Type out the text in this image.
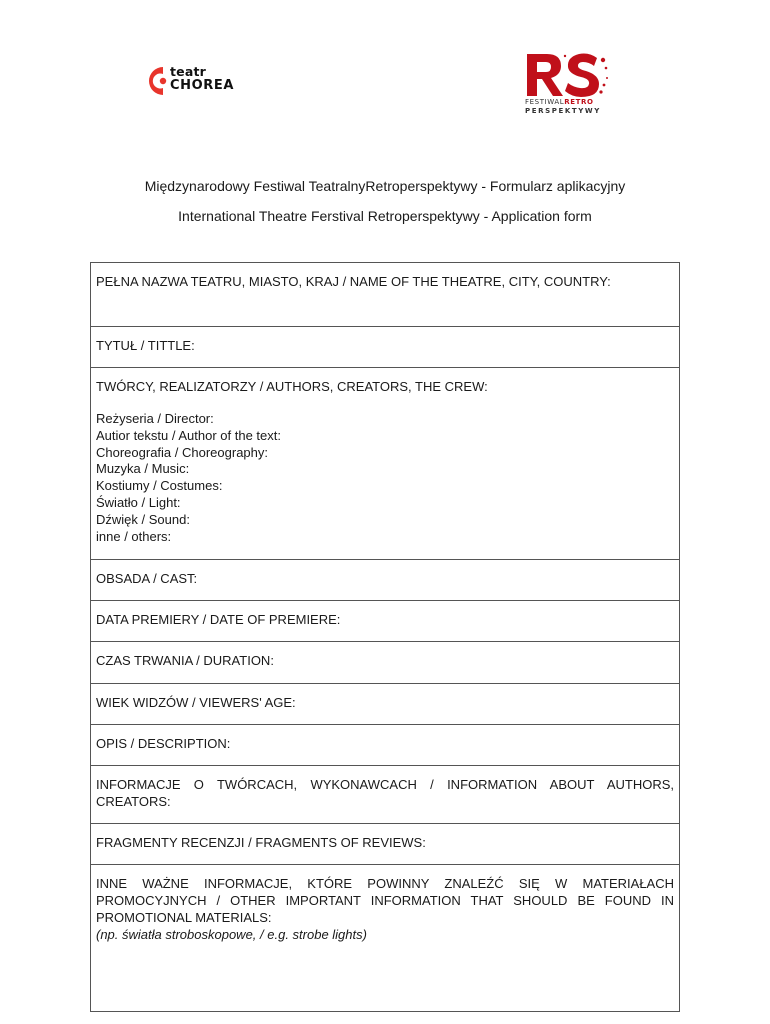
teatr
CHOREA
FESTIWALRETRO
PERSPEKTYWY
Międzynarodowy Festiwal TeatralnyRetroperspektywy - Formularz aplikacyjny
International Theatre Ferstival Retroperspektywy - Application form
PEŁNA NAZWA TEATRU, MIASTO, KRAJ / NAME OF THE THEATRE, CITY, COUNTRY:
TYTUŁ / TITTLE:
TWÓRCY, REALIZATORZY / AUTHORS, CREATORS, THE CREW:
Reżyseria / Director:
Autior tekstu / Author of the text:
Choreografia / Choreography:
Muzyka / Music:
Kostiumy / Costumes:
Światło / Light:
Dźwięk / Sound:
inne / others:
OBSADA / CAST:
DATA PREMIERY / DATE OF PREMIERE:
CZAS TRWANIA / DURATION:
WIEK WIDZÓW / VIEWERS' AGE:
OPIS / DESCRIPTION:
INFORMACJE O TWÓRCACH, WYKONAWCACH / INFORMATION ABOUT AUTHORS, CREATORS:
FRAGMENTY RECENZJI / FRAGMENTS OF REVIEWS:
INNE WAŻNE INFORMACJE, KTÓRE POWINNY ZNALEŹĆ SIĘ W MATERIAŁACH PROMOCYJNYCH / OTHER IMPORTANT INFORMATION THAT SHOULD BE FOUND IN PROMOTIONAL MATERIALS:
(np. światła stroboskopowe, / e.g. strobe lights)
